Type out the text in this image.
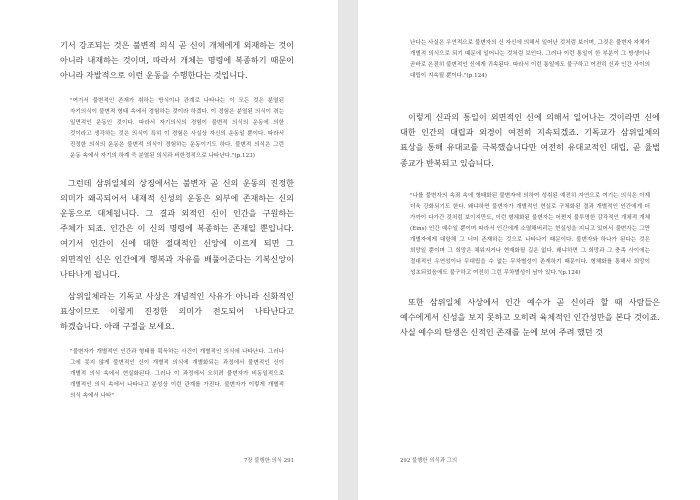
기서 강조되는 것은 불변적 의식 곧 신이 개체에게 외재하는 것이 아니라 내재하는 것이며, 따라서 개체는 명령에 복종하기 때문이 아니라 자발적으로 이런 운동을 수행한다는 것입니다.

"여기서 불변적인 존재가 취하는 방식이나 관계로 나타나는 이 모든 것은 분열된 자기의식이 불변적 형태 속에서 경험하는 것이라 하겠다. 이 경험은 분열된 의식이 겪는 일면적인 운동인 것이다. 따라서 자기의식의 경험이 불변적 의식의 운동에 의한 것이라고 생각하는 것은 의식이 특히 이 경험은 사실상 자신의 운동일 뿐이다. 따라서 진정한 의식의 운동은 불변적 의식이 경험하는 운동이기도 하다. 불변적 의식은 그런 운동 속에서 자기의 하계 즉 분열된 의식과 비한정적으로 나타난다."(p.123)

그런데 삼위일체의 상징에서는 불변자 곧 신의 운동의 진정한 의미가 왜곡되어서 내재적 신성의 운동은 외부에 존재하는 신의 운동으로 대체됩니다. 그 결과 외적인 신이 인간을 구원하는 주체가 되죠. 인간은 이 신의 명령에 복종하는 존재일 뿐입니다. 여기서 인간이 신에 대한 절대적인 신앙에 이르게 되면 그 외면적인 신은 인간에게 행복과 자유를 배풀어준다는 기복신앙이 나타나게 됩니다.

삼위일체라는 기독교 사상은 개념적인 사유가 아니라 신화적인 표상이므로 이렇게 진정한 의미가 전도되어 나타난다고 하겠습니다. 아래 구절을 보세요.

"불변자가 개별적인 인간과 형태를 획득하는 사건이 개별적인 의식에 나타난다. 그러나 그에 못지 않게 불변적인 신이 개별적 의식에 개별화되는 과정에서 불변적인 신이 개별적 의식 속에서 현실화된다. 그러나 이 과정에서 오히려 불변자가 비동일적으로 개별적인 의식 속에서 나타나고 분성상 이런 관계를 가진다. 불변자가 이렇게 개별적 의식 속에서 나타"

7장 불행한 의식 291

난다는 사실은 우연적으로 불변자의 신 자신에 의해서 일어난 것처럼 보이며, 그것은 불변자 자체가 개별적 의식으로 되기 때문에 일어나는 것처럼 보인다. 그러나 이런 통일이 한 부분이 그 방생이나 곧바로 온전히 불변적인 신에게 귀속된다. 따라서 이런 통일에도 불구하고 여전히 신과 인간 사이의 대립이 지속될 뿐이다."(p.124)

이렇게 신과의 통일이 외면적인 신에 의해서 일어나는 것이라면 신에 대한 인간의 대립과 외경이 여전히 지속되겠죠. 기독교가 삼위일체의 표상을 통해 유대교를 극복했습니다만 여전히 유대교적인 대립, 곧 율법 종교가 반복되고 있습니다.

"나를 불변자의 속죄 속에 형태화된 불변자에 의하여 성취된 예전히 자연으로 여기는 의식은 이제 더욱 강화되기도 한다. 왜냐하면 불변자가 개별적인 현실로 구체화된 결과 개별적인 인간에게 더 가까이 다가간 것처럼 보이지만도, 이런 형체화된 불변자는 어쩐지 불투명한 감각적인 개체적 개체(Eins) 인간 예수일 뿐이며 따라서 인간에게 소멸해버리는 현실성을 지니고 있어서 불변자는 그만 개별자에게 대항해 그 너머 존재하는 것으로 나타나기 때문이다. 불변자와 하나가 된다는 것은 희망일 뿐이며 그 희망은 채워지거나 현재화될 길은 없다. 왜냐하면 그 희망과 그 충족 사이에는 절대적인 우연성이나 무대립을 수 없는 무차별성이 존재하기 때문이다. 형체화를 통해서 희망이 성초되었음에도 불구하고 여전히 그런 무차별성이 남아 있다."(p.124)

또한 삼위일체 사상에서 인간 예수가 곧 신이라 할 때 사람들은 예수에게서 신성을 보지 못하고 오히려 육체적인 인간성만을 본다 것이죠. 사실 예수의 탄생은 신적인 존재를 눈에 보여 주려 했던 것

292 불행한 의식과 그의
